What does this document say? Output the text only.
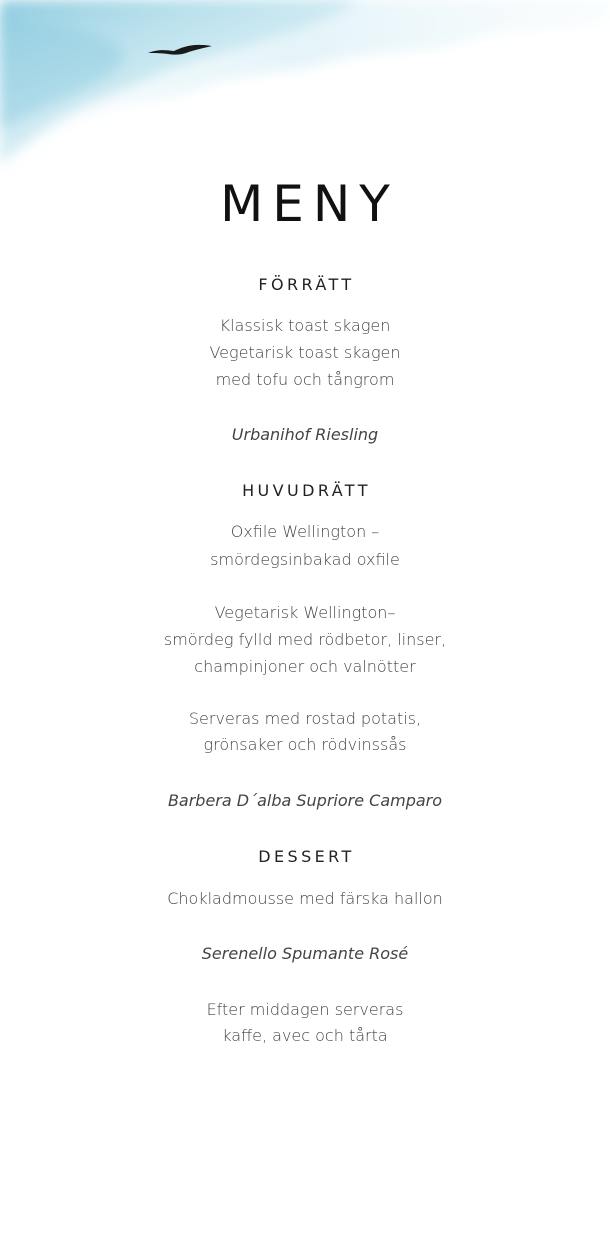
MENY
FÖRRÄTT
Klassisk toast skagen
Vegetarisk toast skagen
med tofu och tångrom
Urbanihof Riesling
HUVUDRÄTT
Oxfile Wellington –
smördegsinbakad oxfile
Vegetarisk Wellington–
smördeg fylld med rödbetor, linser,
champinjoner och valnötter
Serveras med rostad potatis,
grönsaker och rödvinssås
Barbera D´alba Supriore Camparo
DESSERT
Chokladmousse med färska hallon
Serenello Spumante Rosé
Efter middagen serveras
kaffe, avec och tårta
